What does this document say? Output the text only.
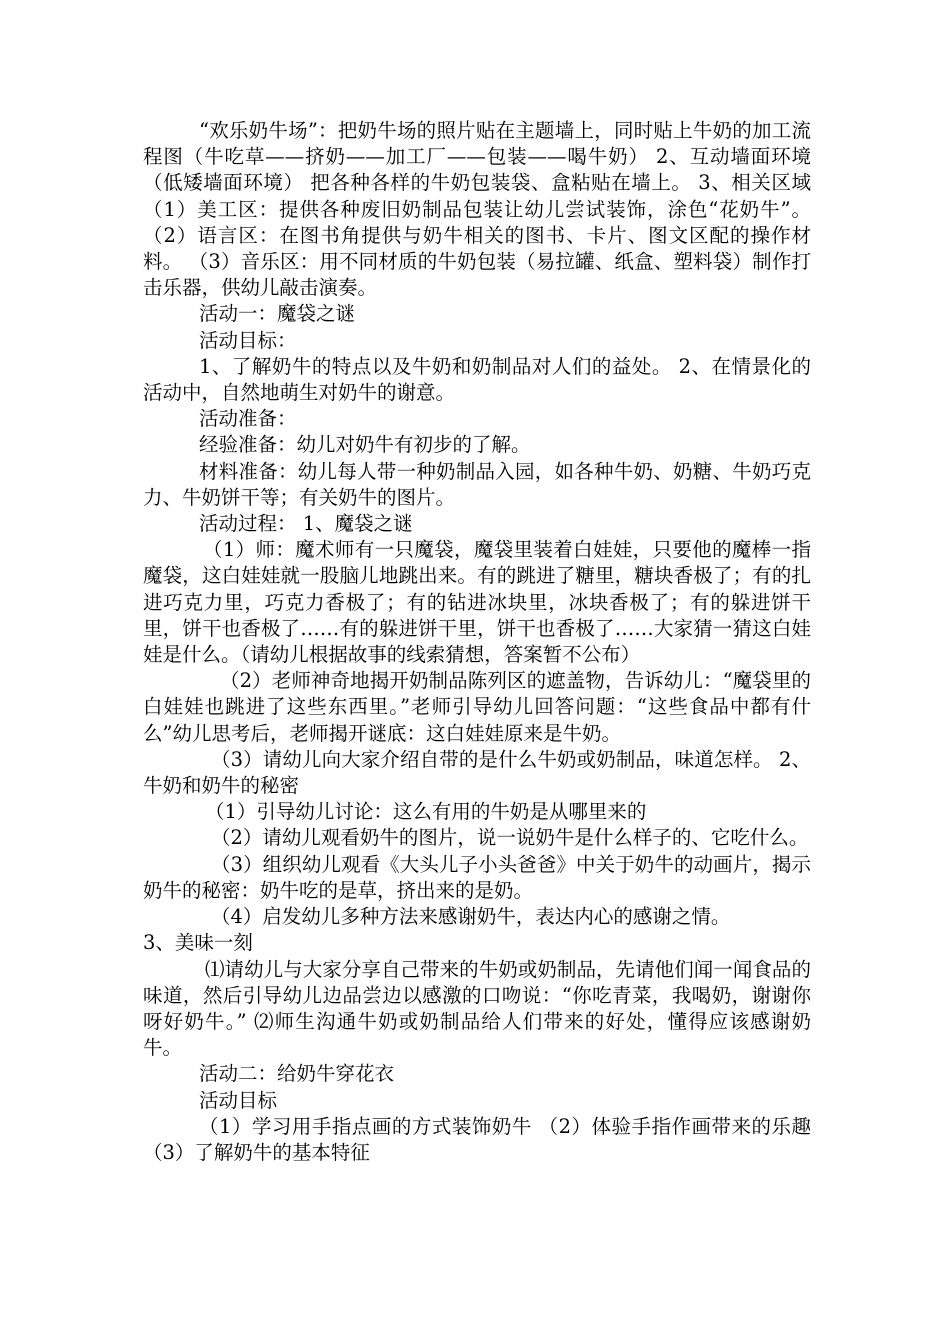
“欢乐奶牛场”：把奶牛场的照片贴在主题墙上，同时贴上牛奶的加工流程图（牛吃草——挤奶——加工厂——包装——喝牛奶） 2、互动墙面环境（低矮墙面环境） 把各种各样的牛奶包装袋、盒粘贴在墙上。 3、相关区域 （1）美工区：提供各种废旧奶制品包装让幼儿尝试装饰，涂色“花奶牛”。 （2）语言区：在图书角提供与奶牛相关的图书、卡片、图文区配的操作材料。 （3）音乐区：用不同材质的牛奶包装（易拉罐、纸盒、塑料袋）制作打击乐器，供幼儿敲击演奏。

活动一：魔袋之谜

活动目标：

1、了解奶牛的特点以及牛奶和奶制品对人们的益处。 2、在情景化的活动中，自然地萌生对奶牛的谢意。

活动准备：

经验准备：幼儿对奶牛有初步的了解。

材料准备：幼儿每人带一种奶制品入园，如各种牛奶、奶糖、牛奶巧克力、牛奶饼干等；有关奶牛的图片。

活动过程： 1、魔袋之谜

（1）师：魔术师有一只魔袋，魔袋里装着白娃娃，只要他的魔棒一指魔袋，这白娃娃就一股脑儿地跳出来。有的跳进了糖里，糖块香极了；有的扎进巧克力里，巧克力香极了；有的钻进冰块里，冰块香极了；有的躲进饼干里，饼干也香极了……有的躲进饼干里，饼干也香极了……大家猜一猜这白娃娃是什么。（请幼儿根据故事的线索猜想，答案暂不公布）

（2）老师神奇地揭开奶制品陈列区的遮盖物，告诉幼儿：“魔袋里的白娃娃也跳进了这些东西里。”老师引导幼儿回答问题：“这些食品中都有什么”幼儿思考后，老师揭开谜底：这白娃娃原来是牛奶。

（3）请幼儿向大家介绍自带的是什么牛奶或奶制品，味道怎样。 2、牛奶和奶牛的秘密

（1）引导幼儿讨论：这么有用的牛奶是从哪里来的

（2）请幼儿观看奶牛的图片，说一说奶牛是什么样子的、它吃什么。

（3）组织幼儿观看《大头儿子小头爸爸》中关于奶牛的动画片，揭示奶牛的秘密：奶牛吃的是草，挤出来的是奶。

（4）启发幼儿多种方法来感谢奶牛，表达内心的感谢之情。

3、美味一刻

⑴请幼儿与大家分享自己带来的牛奶或奶制品，先请他们闻一闻食品的味道，然后引导幼儿边品尝边以感激的口吻说：“你吃青菜，我喝奶，谢谢你呀好奶牛。” ⑵师生沟通牛奶或奶制品给人们带来的好处，懂得应该感谢奶牛。

活动二：给奶牛穿花衣

活动目标

（1）学习用手指点画的方式装饰奶牛 （2）体验手指作画带来的乐趣 （3）了解奶牛的基本特征
